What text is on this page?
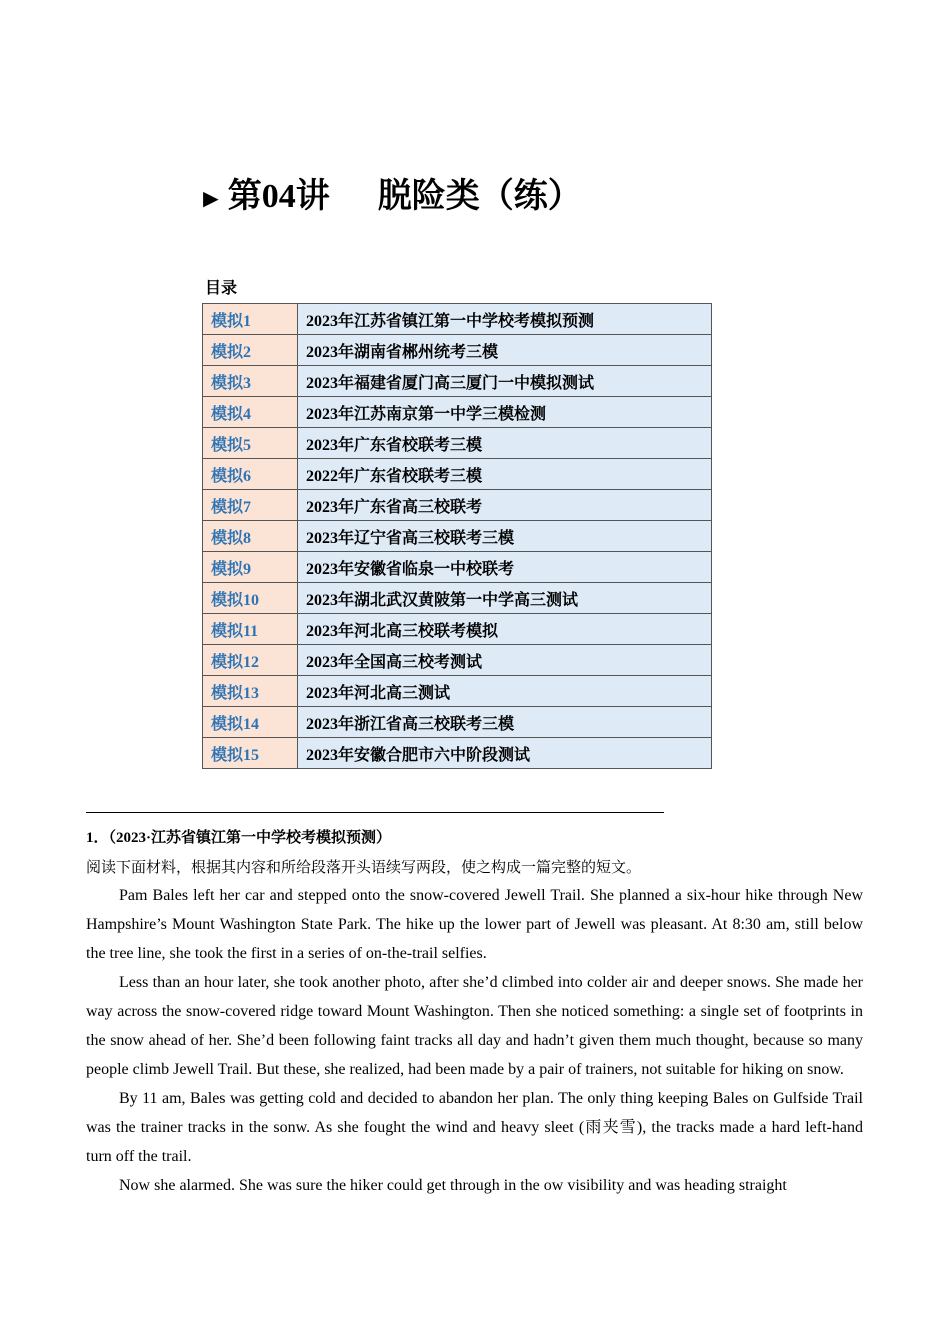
► 第04讲 脱险类（练）
目录
模拟1	2023年江苏省镇江第一中学校考模拟预测
模拟2	2023年湖南省郴州统考三模
模拟3	2023年福建省厦门高三厦门一中模拟测试
模拟4	2023年江苏南京第一中学三模检测
模拟5	2023年广东省校联考三模
模拟6	2022年广东省校联考三模
模拟7	2023年广东省高三校联考
模拟8	2023年辽宁省高三校联考三模
模拟9	2023年安徽省临泉一中校联考
模拟10	2023年湖北武汉黄陂第一中学高三测试
模拟11	2023年河北高三校联考模拟
模拟12	2023年全国高三校考测试
模拟13	2023年河北高三测试
模拟14	2023年浙江省高三校联考三模
模拟15	2023年安徽合肥市六中阶段测试
1．（2023·江苏省镇江第一中学校考模拟预测）
阅读下面材料，根据其内容和所给段落开头语续写两段，使之构成一篇完整的短文。

Pam Bales left her car and stepped onto the snow-covered Jewell Trail. She planned a six-hour hike through New Hampshire’s Mount Washington State Park. The hike up the lower part of Jewell was pleasant. At 8:30 am, still below the tree line, she took the first in a series of on-the-trail selfies.

Less than an hour later, she took another photo, after she’d climbed into colder air and deeper snows. She made her way across the snow-covered ridge toward Mount Washington. Then she noticed something: a single set of footprints in the snow ahead of her. She’d been following faint tracks all day and hadn’t given them much thought, because so many people climb Jewell Trail. But these, she realized, had been made by a pair of trainers, not suitable for hiking on snow.

By 11 am, Bales was getting cold and decided to abandon her plan. The only thing keeping Bales on Gulfside Trail was the trainer tracks in the sonw. As she fought the wind and heavy sleet (雨夹雪), the tracks made a hard left-hand turn off the trail.

Now she alarmed. She was sure the hiker could get through in the ow visibility and was heading straight
